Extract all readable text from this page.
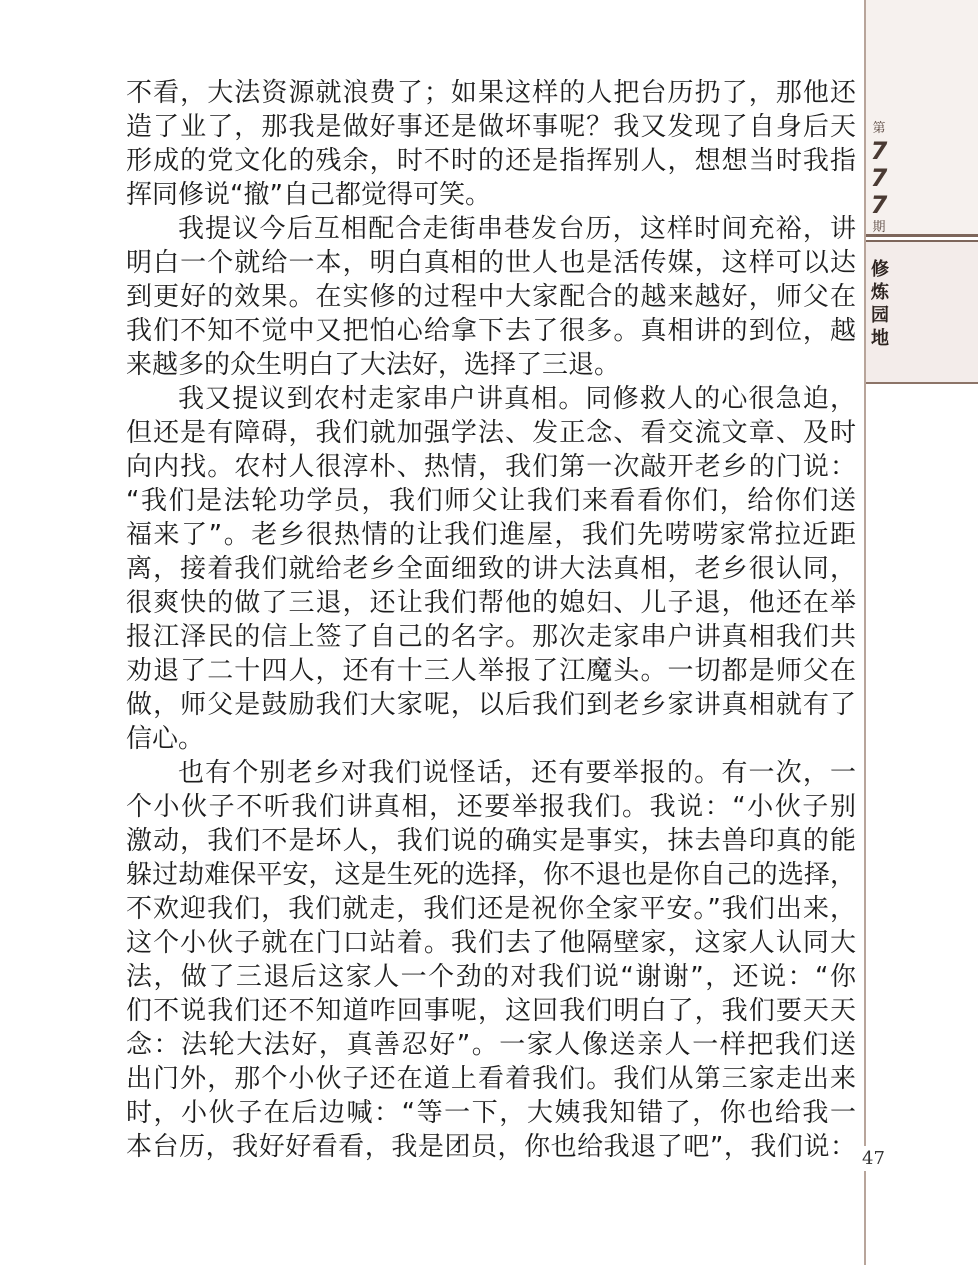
第
7
7
7
期
修
炼
园
地
不看，大法资源就浪费了；如果这样的人把台历扔了，那他还
造了业了，那我是做好事还是做坏事呢？我又发现了自身后天
形成的党文化的残余，时不时的还是指挥别人，想想当时我指
挥同修说“撤”自己都觉得可笑。
我提议今后互相配合走街串巷发台历，这样时间充裕，讲
明白一个就给一本，明白真相的世人也是活传媒，这样可以达
到更好的效果。在实修的过程中大家配合的越来越好，师父在
我们不知不觉中又把怕心给拿下去了很多。真相讲的到位，越
来越多的众生明白了大法好，选择了三退。
我又提议到农村走家串户讲真相。同修救人的心很急迫，
但还是有障碍，我们就加强学法、发正念、看交流文章、及时
向内找。农村人很淳朴、热情，我们第一次敲开老乡的门说：
“我们是法轮功学员，我们师父让我们来看看你们，给你们送
福来了”。老乡很热情的让我们進屋，我们先唠唠家常拉近距
离，接着我们就给老乡全面细致的讲大法真相，老乡很认同，
很爽快的做了三退，还让我们帮他的媳妇、儿子退，他还在举
报江泽民的信上签了自己的名字。那次走家串户讲真相我们共
劝退了二十四人，还有十三人举报了江魔头。一切都是师父在
做，师父是鼓励我们大家呢，以后我们到老乡家讲真相就有了
信心。
也有个别老乡对我们说怪话，还有要举报的。有一次，一
个小伙子不听我们讲真相，还要举报我们。我说：“小伙子别
激动，我们不是坏人，我们说的确实是事实，抹去兽印真的能
躲过劫难保平安，这是生死的选择，你不退也是你自己的选择，
不欢迎我们，我们就走，我们还是祝你全家平安。”我们出来，
这个小伙子就在门口站着。我们去了他隔壁家，这家人认同大
法，做了三退后这家人一个劲的对我们说“谢谢”，还说：“你
们不说我们还不知道咋回事呢，这回我们明白了，我们要天天
念：法轮大法好，真善忍好”。一家人像送亲人一样把我们送
出门外，那个小伙子还在道上看着我们。我们从第三家走出来
时，小伙子在后边喊：“等一下，大姨我知错了，你也给我一
本台历，我好好看看，我是团员，你也给我退了吧”，我们说： 47
